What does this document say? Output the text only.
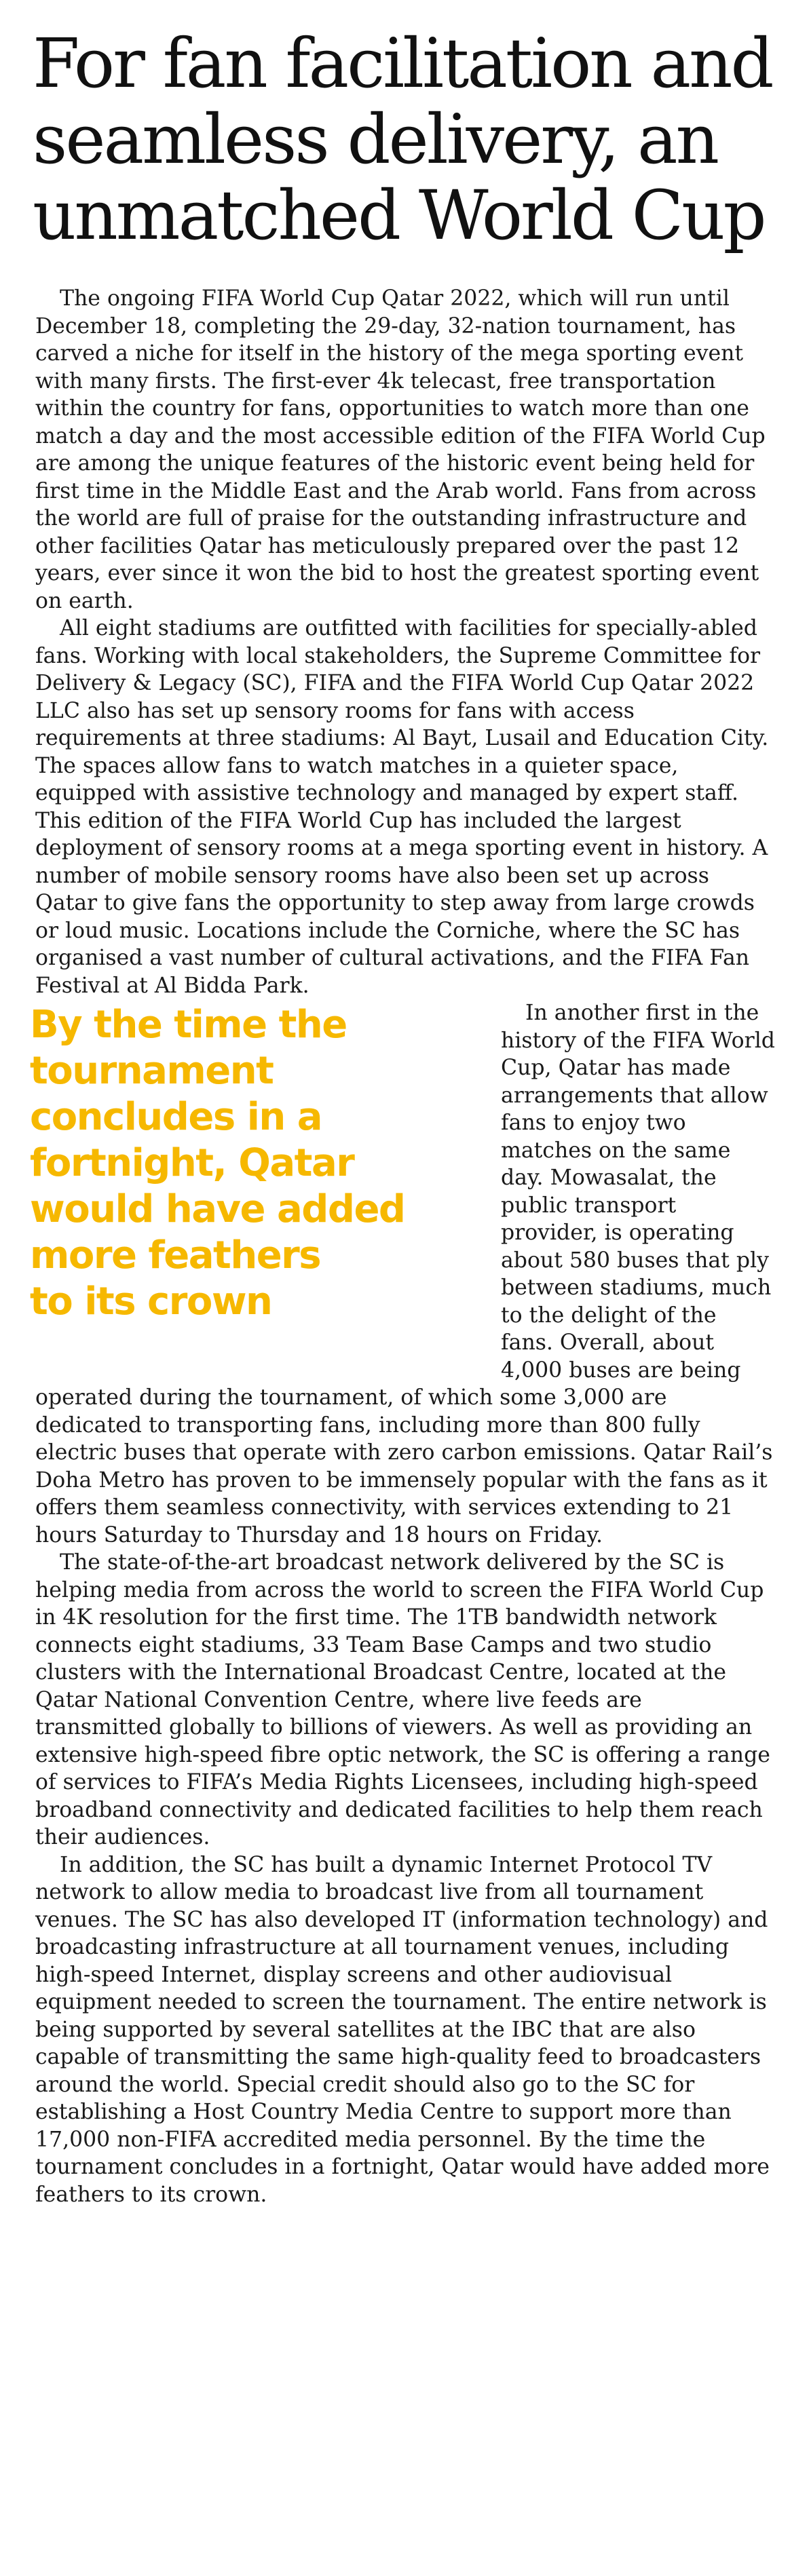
For fan facilitation and seamless delivery, an unmatched World Cup

The ongoing FIFA World Cup Qatar 2022, which will run until December 18, completing the 29-day, 32-nation tournament, has carved a niche for itself in the history of the mega sporting event with many firsts. The first-ever 4k telecast, free transportation within the country for fans, opportunities to watch more than one match a day and the most accessible edition of the FIFA World Cup are among the unique features of the historic event being held for first time in the Middle East and the Arab world. Fans from across the world are full of praise for the outstanding infrastructure and other facilities Qatar has meticulously prepared over the past 12 years, ever since it won the bid to host the greatest sporting event on earth.

All eight stadiums are outfitted with facilities for specially-abled fans. Working with local stakeholders, the Supreme Committee for Delivery & Legacy (SC), FIFA and the FIFA World Cup Qatar 2022 LLC also has set up sensory rooms for fans with access requirements at three stadiums: Al Bayt, Lusail and Education City. The spaces allow fans to watch matches in a quieter space, equipped with assistive technology and managed by expert staff. This edition of the FIFA World Cup has included the largest deployment of sensory rooms at a mega sporting event in history. A number of mobile sensory rooms have also been set up across Qatar to give fans the opportunity to step away from large crowds or loud music. Locations include the Corniche, where the SC has organised a vast number of cultural activations, and the FIFA Fan Festival at Al Bidda Park.

By the time the
tournament
concludes in a
fortnight, Qatar
would have added
more feathers
to its crown

In another first in the history of the FIFA World Cup, Qatar has made arrangements that allow fans to enjoy two matches on the same day. Mowasalat, the public transport provider, is operating about 580 buses that ply between stadiums, much to the delight of the fans. Overall, about 4,000 buses are being operated during the tournament, of which some 3,000 are dedicated to transporting fans, including more than 800 fully electric buses that operate with zero carbon emissions. Qatar Rail’s Doha Metro has proven to be immensely popular with the fans as it offers them seamless connectivity, with services extending to 21 hours Saturday to Thursday and 18 hours on Friday.

The state-of-the-art broadcast network delivered by the SC is helping media from across the world to screen the FIFA World Cup in 4K resolution for the first time. The 1TB bandwidth network connects eight stadiums, 33 Team Base Camps and two studio clusters with the International Broadcast Centre, located at the Qatar National Convention Centre, where live feeds are transmitted globally to billions of viewers. As well as providing an extensive high-speed fibre optic network, the SC is offering a range of services to FIFA’s Media Rights Licensees, including high-speed broadband connectivity and dedicated facilities to help them reach their audiences.

In addition, the SC has built a dynamic Internet Protocol TV network to allow media to broadcast live from all tournament venues. The SC has also developed IT (information technology) and broadcasting infrastructure at all tournament venues, including high-speed Internet, display screens and other audiovisual equipment needed to screen the tournament. The entire network is being supported by several satellites at the IBC that are also capable of transmitting the same high-quality feed to broadcasters around the world. Special credit should also go to the SC for establishing a Host Country Media Centre to support more than 17,000 non-FIFA accredited media personnel. By the time the tournament concludes in a fortnight, Qatar would have added more feathers to its crown.
